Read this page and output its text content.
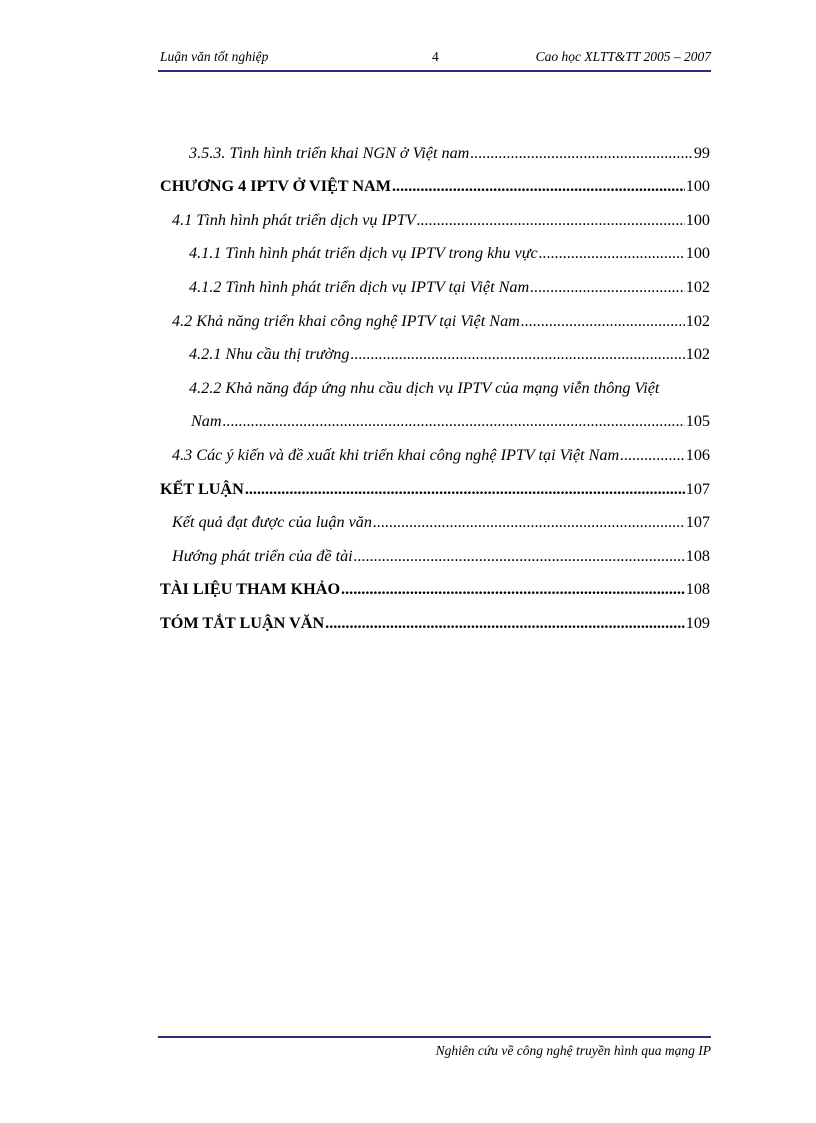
Luận văn tốt nghiệp	4	Cao học XLTT&TT 2005 – 2007
3.5.3. Tình hình triển khai NGN ở Việt nam .....	99
CHƯƠNG 4 IPTV Ở VIỆT NAM .....	100
4.1 Tình hình phát triển dịch vụ IPTV .....	100
4.1.1 Tình hình phát triển dịch vụ IPTV trong khu vực .....	100
4.1.2 Tình hình phát triển dịch vụ IPTV tại Việt Nam .....	102
4.2 Khả năng triển khai công nghệ IPTV tại Việt Nam .....	102
4.2.1 Nhu cầu thị trường .....	102
4.2.2 Khả năng đáp ứng nhu cầu dịch vụ IPTV của mạng viễn thông Việt
Nam .....	105
4.3 Các ý kiến và đề xuất khi triển khai công nghệ IPTV tại Việt Nam .....	106
KẾT LUẬN .....	107
Kết quả đạt được của luận văn .....	107
Hướng phát triển của đề tài .....	108
TÀI LIỆU THAM KHẢO .....	108
TÓM TẮT LUẬN VĂN .....	109
Nghiên cứu về công nghệ truyền hình qua mạng IP
